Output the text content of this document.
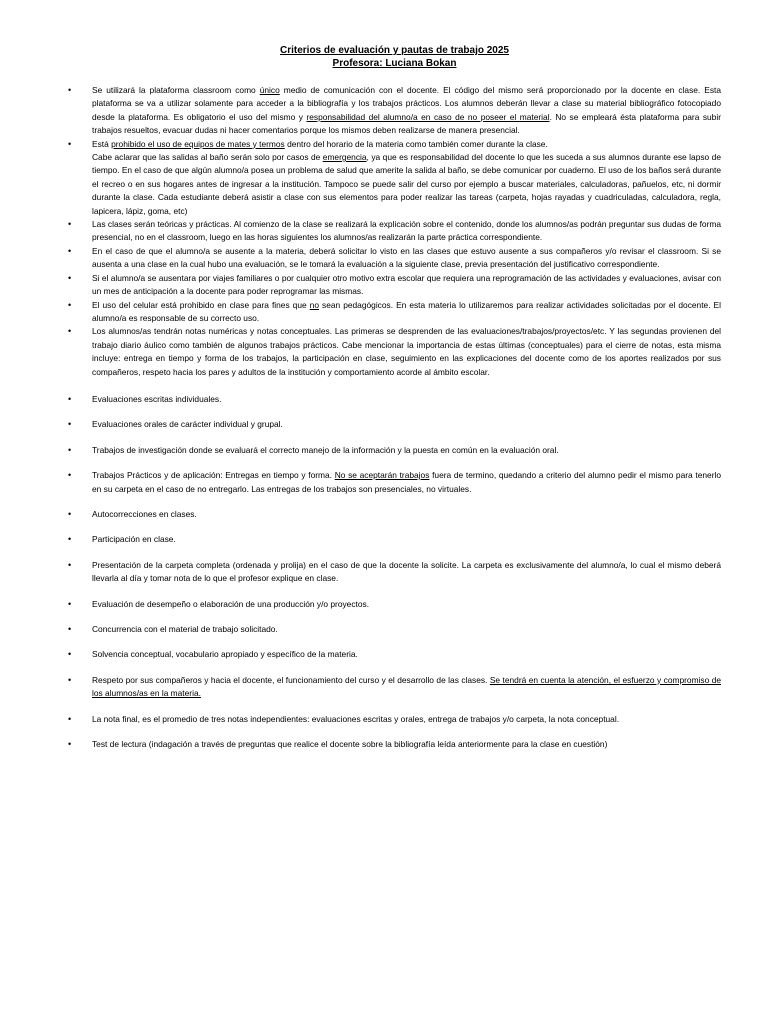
Criterios de evaluación y pautas de trabajo 2025

Profesora: Luciana Bokan

• Se utilizará la plataforma classroom como único medio de comunicación con el docente. El código del mismo será proporcionado por la docente en clase. Esta plataforma se va a utilizar solamente para acceder a la bibliografía y los trabajos prácticos. Los alumnos deberán llevar a clase su material bibliográfico fotocopiado desde la plataforma. Es obligatorio el uso del mismo y responsabilidad del alumno/a en caso de no poseer el material. No se empleará ésta plataforma para subir trabajos resueltos, evacuar dudas ni hacer comentarios porque los mismos deben realizarse de manera presencial.
• Está prohibido el uso de equipos de mates y termos dentro del horario de la materia como también comer durante la clase.
Cabe aclarar que las salidas al baño serán solo por casos de emergencia, ya que es responsabilidad del docente lo que les suceda a sus alumnos durante ese lapso de tiempo. En el caso de que algún alumno/a posea un problema de salud que amerite la salida al baño, se debe comunicar por cuaderno. El uso de los baños será durante el recreo o en sus hogares antes de ingresar a la institución. Tampoco se puede salir del curso por ejemplo a buscar materiales, calculadoras, pañuelos, etc, ni dormir durante la clase. Cada estudiante deberá asistir a clase con sus elementos para poder realizar las tareas (carpeta, hojas rayadas y cuadriculadas, calculadora, regla, lapicera, lápiz, goma, etc)
• Las clases serán teóricas y prácticas. Al comienzo de la clase se realizará la explicación sobre el contenido, donde los alumnos/as podrán preguntar sus dudas de forma presencial, no en el classroom, luego en las horas siguientes los alumnos/as realizarán la parte práctica correspondiente.
• En el caso de que el alumno/a se ausente a la materia, deberá solicitar lo visto en las clases que estuvo ausente a sus compañeros y/o revisar el classroom. Si se ausenta a una clase en la cual hubo una evaluación, se le tomará la evaluación a la siguiente clase, previa presentación del justificativo correspondiente.
• Si el alumno/a se ausentara por viajes familiares o por cualquier otro motivo extra escolar que requiera una reprogramación de las actividades y evaluaciones, avisar con un mes de anticipación a la docente para poder reprogramar las mismas.
• El uso del celular está prohibido en clase para fines que no sean pedagógicos. En esta materia lo utilizaremos para realizar actividades solicitadas por el docente. El alumno/a es responsable de su correcto uso.
• Los alumnos/as tendrán notas numéricas y notas conceptuales. Las primeras se desprenden de las evaluaciones/trabajos/proyectos/etc. Y las segundas provienen del trabajo diario áulico como también de algunos trabajos prácticos. Cabe mencionar la importancia de estas últimas (conceptuales) para el cierre de notas, esta misma incluye: entrega en tiempo y forma de los trabajos, la participación en clase, seguimiento en las explicaciones del docente como de los aportes realizados por sus compañeros, respeto hacia los pares y adultos de la institución y comportamiento acorde al ámbito escolar.
• Evaluaciones escritas individuales.
• Evaluaciones orales de carácter individual y grupal.
• Trabajos de investigación donde se evaluará el correcto manejo de la información y la puesta en común en la evaluación oral.
• Trabajos Prácticos y de aplicación: Entregas en tiempo y forma. No se aceptarán trabajos fuera de termino, quedando a criterio del alumno pedir el mismo para tenerlo en su carpeta en el caso de no entregarlo. Las entregas de los trabajos son presenciales, no virtuales.
• Autocorrecciones en clases.
• Participación en clase.
• Presentación de la carpeta completa (ordenada y prolija) en el caso de que la docente la solicite. La carpeta es exclusivamente del alumno/a, lo cual el mismo deberá llevarla al día y tomar nota de lo que el profesor explique en clase.
• Evaluación de desempeño o elaboración de una producción y/o proyectos.
• Concurrencia con el material de trabajo solicitado.
• Solvencia conceptual, vocabulario apropiado y específico de la materia.
• Respeto por sus compañeros y hacia el docente, el funcionamiento del curso y el desarrollo de las clases. Se tendrá en cuenta la atención, el esfuerzo y compromiso de los alumnos/as en la materia.
• La nota final, es el promedio de tres notas independientes: evaluaciones escritas y orales, entrega de trabajos y/o carpeta, la nota conceptual.
• Test de lectura (indagación a través de preguntas que realice el docente sobre la bibliografía leída anteriormente para la clase en cuestión)
